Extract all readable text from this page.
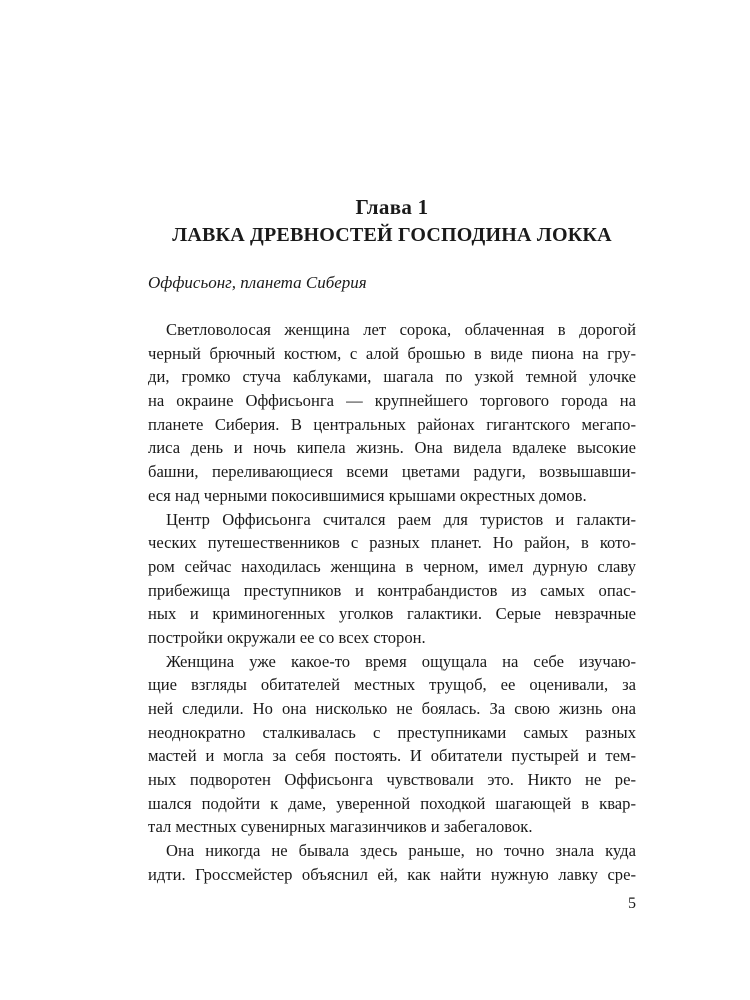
Глава 1
ЛАВКА ДРЕВНОСТЕЙ ГОСПОДИНА ЛОККА
Оффисьонг, планета Сиберия
Светловолосая женщина лет сорока, облаченная в дорогой
черный брючный костюм, с алой брошью в виде пиона на гру-
ди, громко стуча каблуками, шагала по узкой темной улочке
на окраине Оффисьонга — крупнейшего торгового города на
планете Сиберия. В центральных районах гигантского мегапо-
лиса день и ночь кипела жизнь. Она видела вдалеке высокие
башни, переливающиеся всеми цветами радуги, возвышавши-
еся над черными покосившимися крышами окрестных домов.
Центр Оффисьонга считался раем для туристов и галакти-
ческих путешественников с разных планет. Но район, в кото-
ром сейчас находилась женщина в черном, имел дурную славу
прибежища преступников и контрабандистов из самых опас-
ных и криминогенных уголков галактики. Серые невзрачные
постройки окружали ее со всех сторон.
Женщина уже какое-то время ощущала на себе изучаю-
щие взгляды обитателей местных трущоб, ее оценивали, за
ней следили. Но она нисколько не боялась. За свою жизнь она
неоднократно сталкивалась с преступниками самых разных
мастей и могла за себя постоять. И обитатели пустырей и тем-
ных подворотен Оффисьонга чувствовали это. Никто не ре-
шался подойти к даме, уверенной походкой шагающей в квар-
тал местных сувенирных магазинчиков и забегаловок.
Она никогда не бывала здесь раньше, но точно знала куда
идти. Гроссмейстер объяснил ей, как найти нужную лавку сре-
5
